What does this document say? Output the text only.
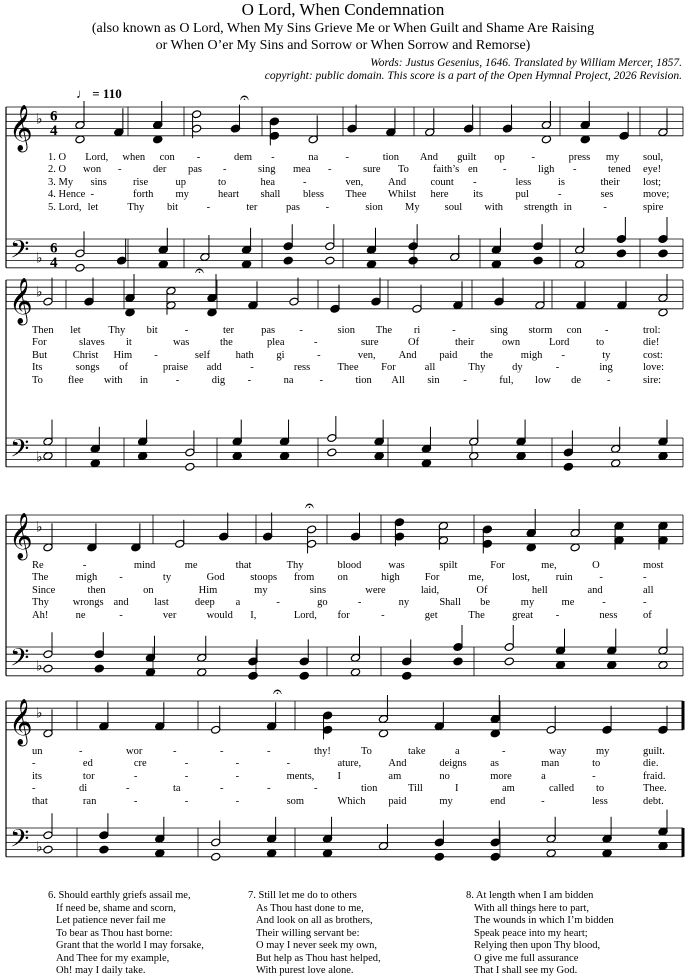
O Lord, When Condemnation
(also known as O Lord, When My Sins Grieve Me or When Guilt and Shame Are Raising
or When O’er My Sins and Sorrow or When Sorrow and Remorse)
Words: Justus Gesenius, 1646. Translated by William Mercer, 1857.
copyright: public domain. This score is a part of the Open Hymnal Project, 2026 Revision.
♩ = 110
𝄞
𝄢
♭
♭
6
4
6
4
𝄞
𝄢
♭
♭
𝄞
𝄢
♭
♭
𝄞
𝄢
♭
♭
𝄐
𝄐
𝄐
𝄐
1. O Lord, when con -	dem -	na	-	tion And guilt op	-	press my soul,
2. O won -	der pas -	sing mea -	sure To faith’s en -	ligh -	tened eye!
3. My sins rise	up	to	hea	-	ven, And count -	less	is	their lost;
4. Hence -	forth my	heart shall bless Thee Whilst here its	pul	-	ses	move;
5. Lord, let	Thy bit	-	ter	pas -	sion My soul with strength in	-	spire
Then let	Thy bit	-	ter	pas -	sion The ri	-	sing storm con -	trol:
For	slaves it	was	the	plea	-	sure	Of	their	own	Lord	to	die!
But Christ Him -	self hath gi	-	ven, And paid the	migh -	ty	cost:
Its	songs of	praise add	-	ress	Thee For	all	Thy	dy	-	ing	love:
To flee with in	-	dig -	na -	tion All sin -	ful, low de -	sire:
Re	-	mind	me	that	Thy	blood	was	spilt	For	me,	O	most
The	migh -	ty	God stoops from on	high For	me,	lost, ruin	-	-
Since	then	on	Him	my	sins	were	laid,	Of	hell	and	all
Thy wrongs and last deep a	-	go	-	ny	Shall be	my	me	-	-
Ah!	ne	-	ver	would I,	Lord, for	-	get	The	great -	ness of
un	-	wor	-	-	-	thy!	To	take	a	-	way	my	guilt.
-	ed	cre	-	-	-	ature,	And	deigns as	man	to	die.
its	tor	-	-	-	ments, I	am	no	more	a	-	fraid.
-	di	-	ta	-	-	-	tion	Till	I	am	called to	Thee.
that	ran	-	-	-	som	Which paid	my	end	-	less	debt.
6. Should earthly griefs assail me,
If need be, shame and scorn,
Let patience never fail me
To bear as Thou hast borne:
Grant that the world I may forsake,
And Thee for my example,
Oh! may I daily take.
7. Still let me do to others
As Thou hast done to me,
And look on all as brothers,
Their willing servant be:
O may I never seek my own,
But help as Thou hast helped,
With purest love alone.
8. At length when I am bidden
With all things here to part,
The wounds in which I’m bidden
Speak peace into my heart;
Relying then upon Thy blood,
O give me full assurance
That I shall see my God.
